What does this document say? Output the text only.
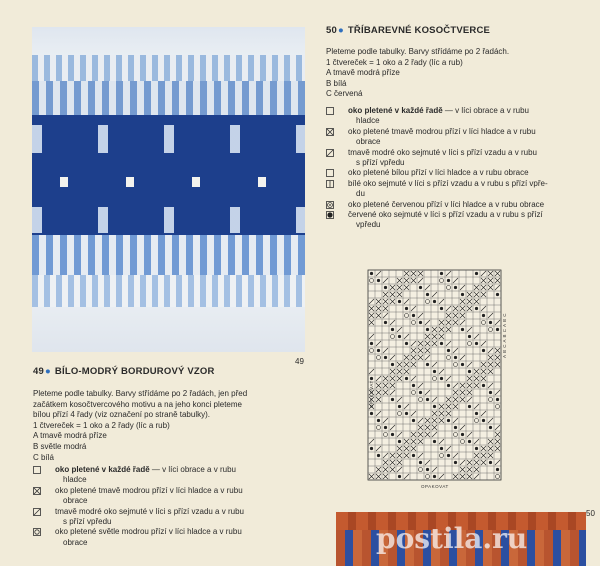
49
49● BÍLO-MODRÝ BORDUROVÝ VZOR
Pleteme podle tabulky. Barvy střídáme po 2 řadách, jen před
začátkem kosočtvercového motivu a na jeho konci pleteme
bílou přízí 4 řady (viz označení po straně tabulky).
1 čtvereček = 1 oko a 2 řady (líc a rub)
A tmavě modrá příze
B světle modrá
C bílá
oko pletené v každé řadě — v líci obrace a v rubu
hladce
oko pletené tmavě modrou přízí v líci hladce a v rubu
obrace
tmavě modré oko sejmuté v líci s přízí vzadu a v rubu
s přízí vpředu
oko pletené světle modrou přízí v líci hladce a v rubu
obrace
50● TŘÍBAREVNÉ KOSOČTVERCE
Pleteme podle tabulky. Barvy střídáme po 2 řadách.
1 čtvereček = 1 oko a 2 řady (líc a rub)
A tmavě modrá příze
B bílá
C červená
oko pletené v každé řadě — v líci obrace a v rubu
hladce
oko pletené tmavě modrou přízí v líci hladce a v rubu
obrace
tmavě modré oko sejmuté v líci s přízí vzadu a v rubu
s přízí vpředu
oko pletené bílou přízí v líci hladce a v rubu obrace
bílé oko sejmuté v líci s přízí vzadu a v rubu s přízí vpře-
du
oko pletené červenou přízí v líci hladce a v rubu obrace
červené oko sejmuté v líci s přízí vzadu a v rubu s přízí
vpředu
A B C A B C A B C
OPAKOVAT
OPAKOVAT
postila.ru
50
